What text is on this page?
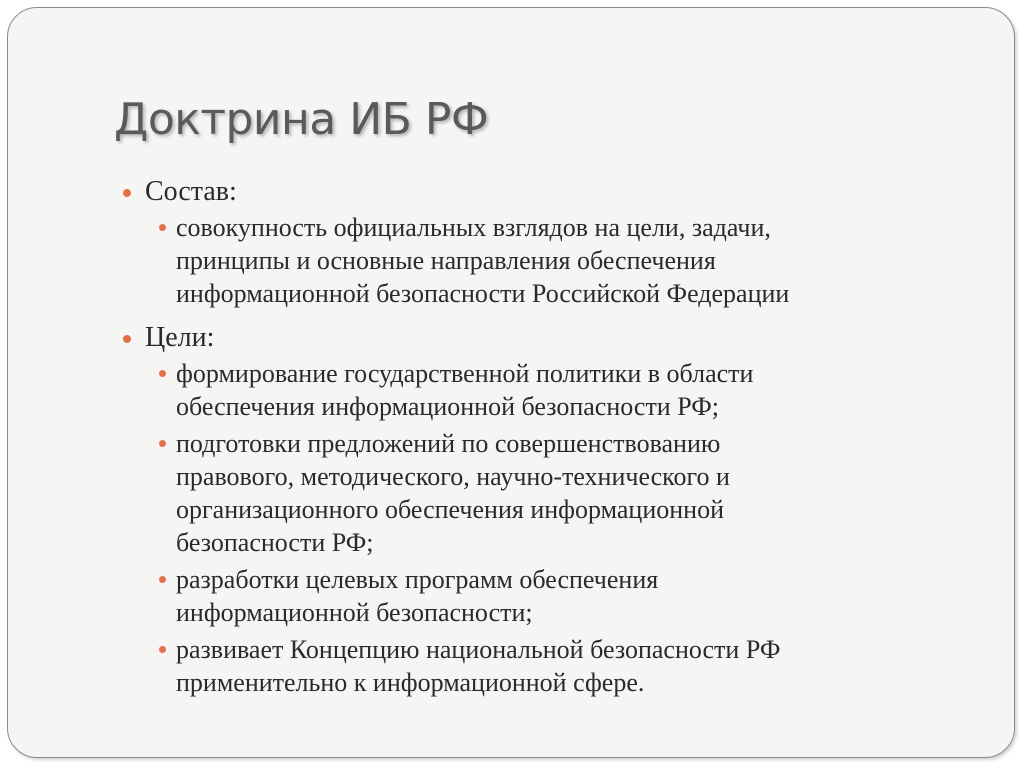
Доктрина ИБ РФ
Состав:
совокупность официальных взглядов на цели, задачи,
принципы и основные направления обеспечения
информационной безопасности Российской Федерации
Цели:
формирование государственной политики в области
обеспечения информационной безопасности РФ;
подготовки предложений по совершенствованию
правового, методического, научно-технического и
организационного обеспечения информационной
безопасности РФ;
разработки целевых программ обеспечения
информационной безопасности;
развивает Концепцию национальной безопасности РФ
применительно к информационной сфере.
